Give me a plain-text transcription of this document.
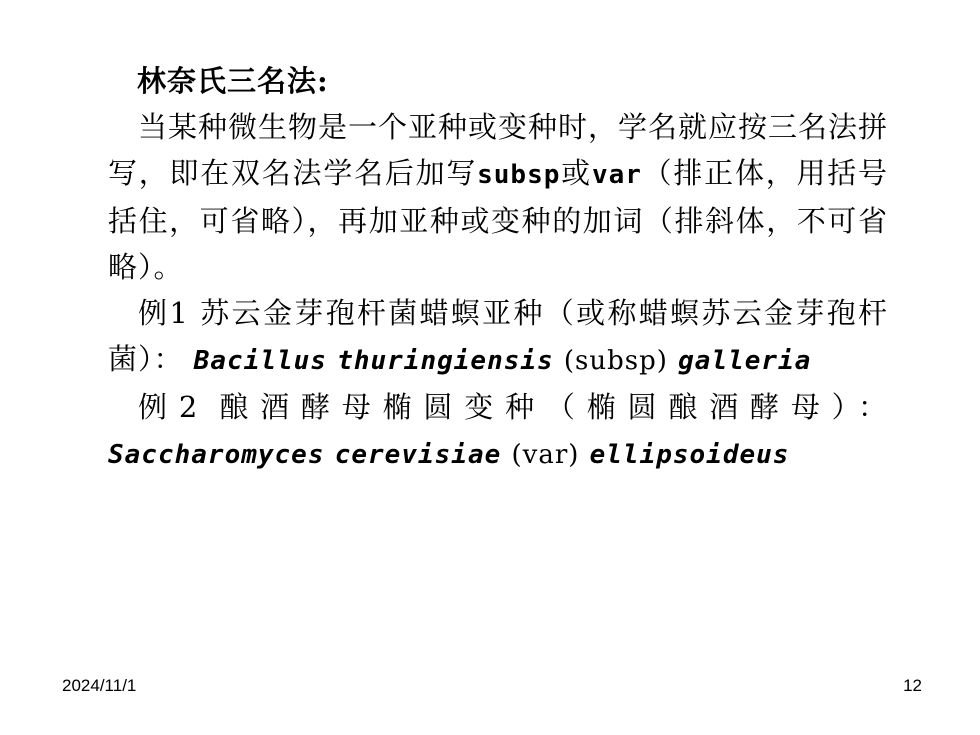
林奈氏三名法:

当某种微生物是一个亚种或变种时，学名就应按三名法拼写，即在双名法学名后加写subsp或var（排正体，用括号括住，可省略），再加亚种或变种的加词（排斜体，不可省略）。

例1 苏云金芽孢杆菌蜡螟亚种（或称蜡螟苏云金芽孢杆菌）： Bacillus thuringiensis (subsp) galleria

例2 酿酒酵母椭圆变种（椭圆酿酒酵母）： Saccharomyces cerevisiae (var) ellipsoideus

2024/11/1	12
